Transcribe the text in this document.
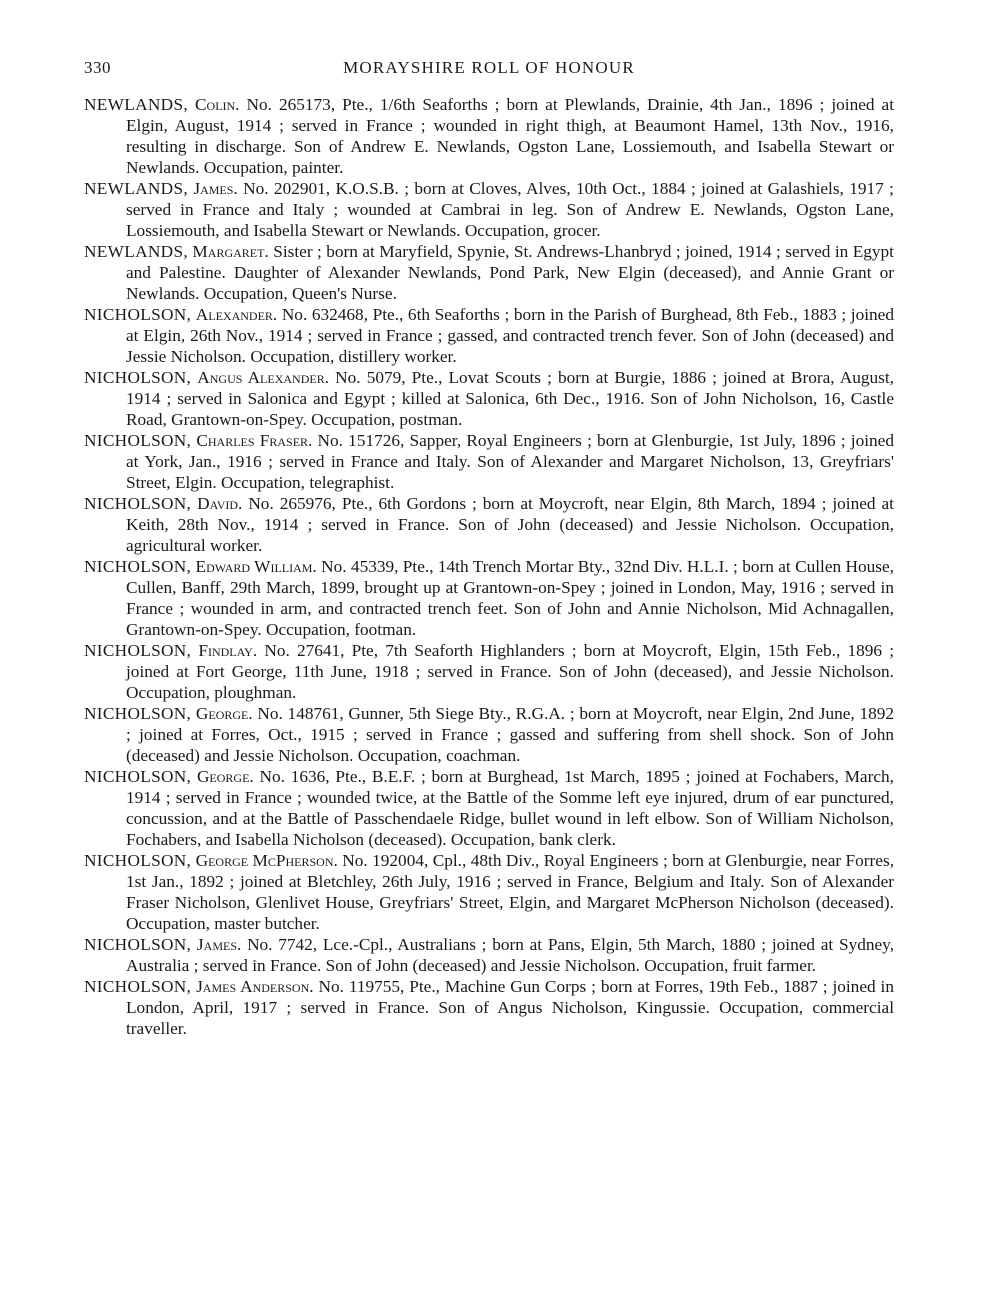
330	MORAYSHIRE ROLL OF HONOUR

NEWLANDS, Colin. No. 265173, Pte., 1/6th Seaforths ; born at Plewlands, Drainie, 4th Jan., 1896 ; joined at Elgin, August, 1914 ; served in France ; wounded in right thigh, at Beaumont Hamel, 13th Nov., 1916, resulting in discharge. Son of Andrew E. Newlands, Ogston Lane, Lossiemouth, and Isabella Stewart or Newlands. Occupation, painter.

NEWLANDS, James. No. 202901, K.O.S.B. ; born at Cloves, Alves, 10th Oct., 1884 ; joined at Galashiels, 1917 ; served in France and Italy ; wounded at Cambrai in leg. Son of Andrew E. Newlands, Ogston Lane, Lossiemouth, and Isabella Stewart or Newlands. Occupation, grocer.

NEWLANDS, Margaret. Sister ; born at Maryfield, Spynie, St. Andrews-Lhanbryd ; joined, 1914 ; served in Egypt and Palestine. Daughter of Alexander Newlands, Pond Park, New Elgin (deceased), and Annie Grant or Newlands. Occupation, Queen's Nurse.

NICHOLSON, Alexander. No. 632468, Pte., 6th Seaforths ; born in the Parish of Burghead, 8th Feb., 1883 ; joined at Elgin, 26th Nov., 1914 ; served in France ; gassed, and contracted trench fever. Son of John (deceased) and Jessie Nicholson. Occupation, distillery worker.

NICHOLSON, Angus Alexander. No. 5079, Pte., Lovat Scouts ; born at Burgie, 1886 ; joined at Brora, August, 1914 ; served in Salonica and Egypt ; killed at Salonica, 6th Dec., 1916. Son of John Nicholson, 16, Castle Road, Grantown-on-Spey. Occupation, postman.

NICHOLSON, Charles Fraser. No. 151726, Sapper, Royal Engineers ; born at Glenburgie, 1st July, 1896 ; joined at York, Jan., 1916 ; served in France and Italy. Son of Alexander and Margaret Nicholson, 13, Greyfriars' Street, Elgin. Occupation, telegraphist.

NICHOLSON, David. No. 265976, Pte., 6th Gordons ; born at Moycroft, near Elgin, 8th March, 1894 ; joined at Keith, 28th Nov., 1914 ; served in France. Son of John (deceased) and Jessie Nicholson. Occupation, agricultural worker.

NICHOLSON, Edward William. No. 45339, Pte., 14th Trench Mortar Bty., 32nd Div. H.L.I. ; born at Cullen House, Cullen, Banff, 29th March, 1899, brought up at Grantown-on-Spey ; joined in London, May, 1916 ; served in France ; wounded in arm, and contracted trench feet. Son of John and Annie Nicholson, Mid Achnagallen, Grantown-on-Spey. Occupation, footman.

NICHOLSON, Findlay. No. 27641, Pte, 7th Seaforth Highlanders ; born at Moycroft, Elgin, 15th Feb., 1896 ; joined at Fort George, 11th June, 1918 ; served in France. Son of John (deceased), and Jessie Nicholson. Occupation, ploughman.

NICHOLSON, George. No. 148761, Gunner, 5th Siege Bty., R.G.A. ; born at Moycroft, near Elgin, 2nd June, 1892 ; joined at Forres, Oct., 1915 ; served in France ; gassed and suffering from shell shock. Son of John (deceased) and Jessie Nicholson. Occupation, coachman.

NICHOLSON, George. No. 1636, Pte., B.E.F. ; born at Burghead, 1st March, 1895 ; joined at Fochabers, March, 1914 ; served in France ; wounded twice, at the Battle of the Somme left eye injured, drum of ear punctured, concussion, and at the Battle of Passchendaele Ridge, bullet wound in left elbow. Son of William Nicholson, Fochabers, and Isabella Nicholson (deceased). Occupation, bank clerk.

NICHOLSON, George McPherson. No. 192004, Cpl., 48th Div., Royal Engineers ; born at Glenburgie, near Forres, 1st Jan., 1892 ; joined at Bletchley, 26th July, 1916 ; served in France, Belgium and Italy. Son of Alexander Fraser Nicholson, Glenlivet House, Greyfriars' Street, Elgin, and Margaret McPherson Nicholson (deceased). Occupation, master butcher.

NICHOLSON, James. No. 7742, Lce.-Cpl., Australians ; born at Pans, Elgin, 5th March, 1880 ; joined at Sydney, Australia ; served in France. Son of John (deceased) and Jessie Nicholson. Occupation, fruit farmer.

NICHOLSON, James Anderson. No. 119755, Pte., Machine Gun Corps ; born at Forres, 19th Feb., 1887 ; joined in London, April, 1917 ; served in France. Son of Angus Nicholson, Kingussie. Occupation, commercial traveller.
